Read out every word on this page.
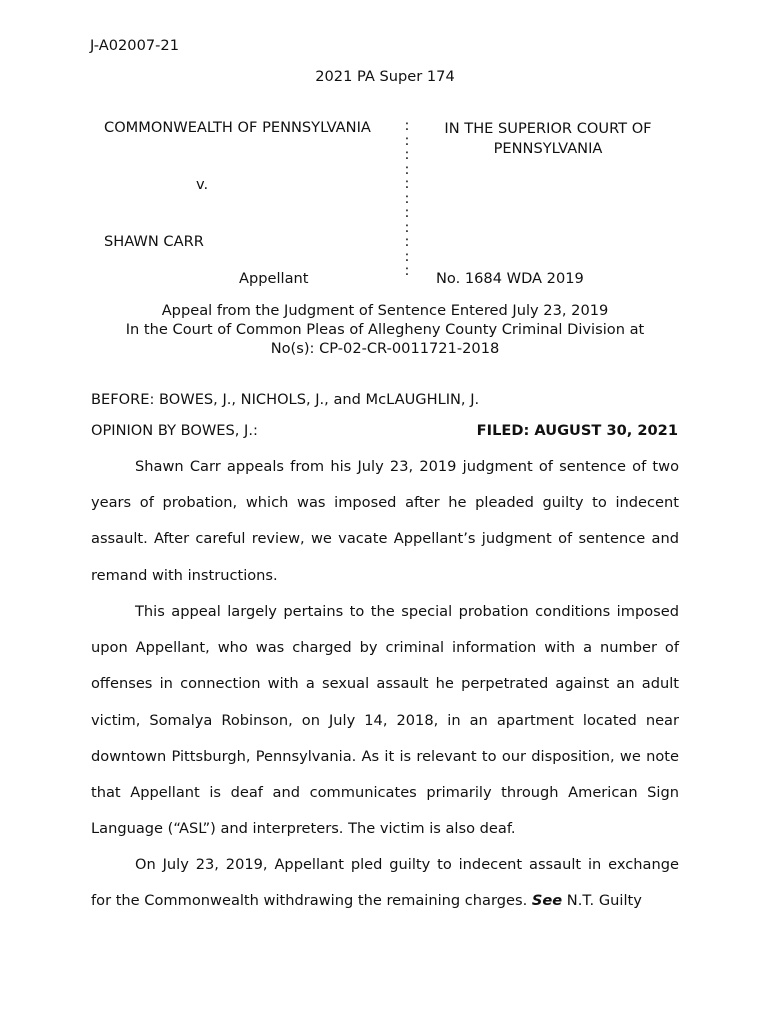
J-A02007-21
2021 PA Super 174
COMMONWEALTH OF PENNSYLVANIA
v.
SHAWN CARR
Appellant
:
:
:
:
:
:
:
:
:
:
:
IN THE SUPERIOR COURT OF
PENNSYLVANIA
No. 1684 WDA 2019
Appeal from the Judgment of Sentence Entered July 23, 2019
In the Court of Common Pleas of Allegheny County Criminal Division at
No(s): CP-02-CR-0011721-2018
BEFORE: BOWES, J., NICHOLS, J., and McLAUGHLIN, J.
OPINION BY BOWES, J.:	FILED: AUGUST 30, 2021

Shawn Carr appeals from his July 23, 2019 judgment of sentence of two years of probation, which was imposed after he pleaded guilty to indecent assault. After careful review, we vacate Appellant’s judgment of sentence and remand with instructions.

This appeal largely pertains to the special probation conditions imposed upon Appellant, who was charged by criminal information with a number of offenses in connection with a sexual assault he perpetrated against an adult victim, Somalya Robinson, on July 14, 2018, in an apartment located near downtown Pittsburgh, Pennsylvania. As it is relevant to our disposition, we note that Appellant is deaf and communicates primarily through American Sign Language (“ASL”) and interpreters. The victim is also deaf.

On July 23, 2019, Appellant pled guilty to indecent assault in exchange for the Commonwealth withdrawing the remaining charges. See N.T. Guilty
